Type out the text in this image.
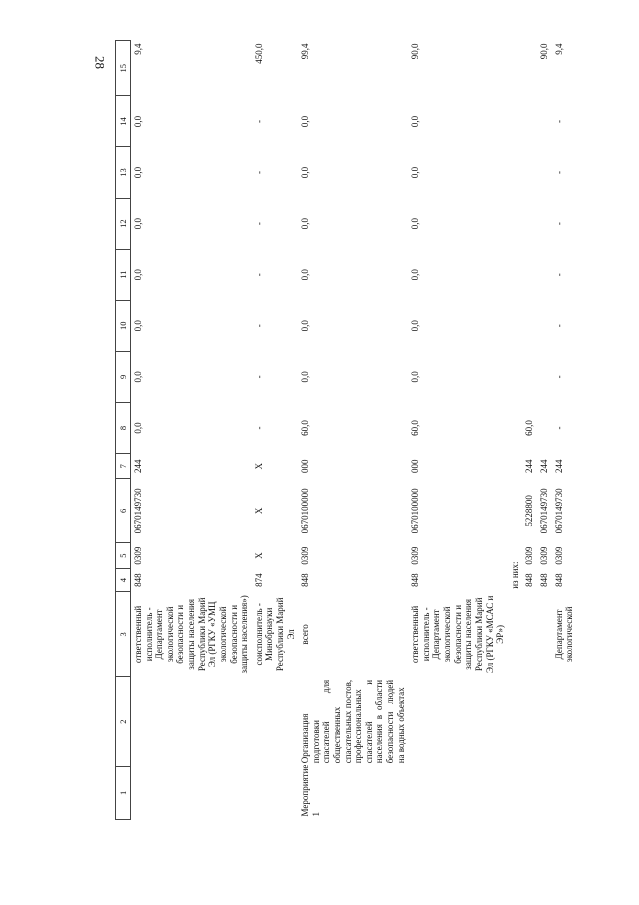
28
1	2	3	4	5	6	7	8	9	10	11	12	13	14	15
		ответственный исполнитель - Департамент экологической безопасности и защиты населения Республики Марий Эл (РГКУ «УМЦ экологической безопасности и защиты населения»)	848	0309	0670149730	244	0,0	0,0	0,0	0,0	0,0	0,0	0,0	9,4
		соисполнитель - Минобрнауки Республики Марий Эл	874	X	X	X	-	-	-	-	-	-	-	450,0
Мероприятие 1	Организация подготовки спасателей для общественных спасательных постов, профессиональных спасателей и населения в области безопасности людей на водных объектах	всего	848	0309	0670100000	000	60,0	0,0	0,0	0,0	0,0	0,0	0,0	99,4
		ответственный исполнитель - Департамент экологической безопасности и защиты населения Республики Марий Эл (РГКУ «МСАС и ЭР»)	848	0309	0670100000	000	60,0	0,0	0,0	0,0	0,0	0,0	0,0	90,0
			из них:											
			848	0309	5228800	244	60,0							
			848	0309	0670149730	244								90,0
		Департамент экологической	848	0309	0670149730	244	-	-	-	-	-	-	-	9,4
